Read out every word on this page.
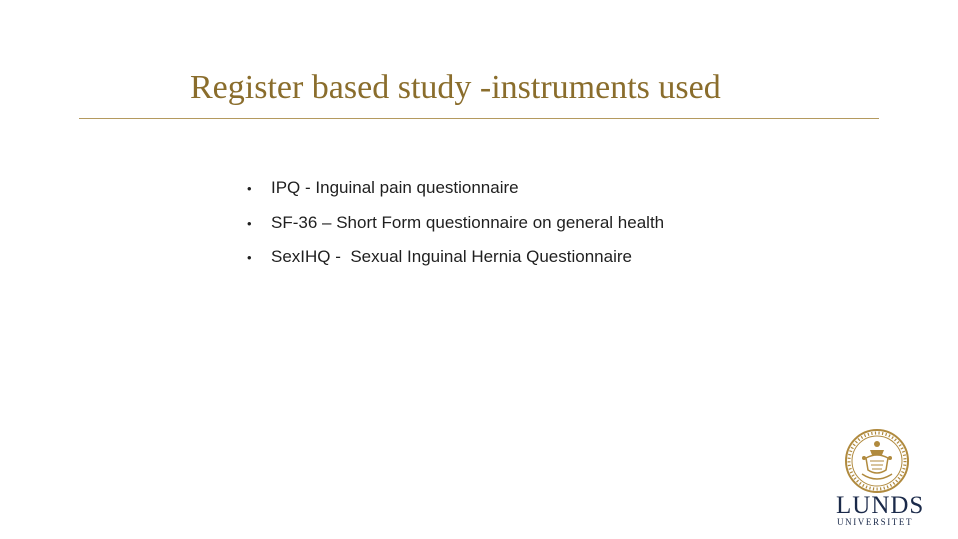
Register based study -instruments used
•	IPQ - Inguinal pain questionnaire
•	SF-36 – Short Form questionnaire on general health
•	SexIHQ -  Sexual Inguinal Hernia Questionnaire
LUNDS
UNIVERSITET
